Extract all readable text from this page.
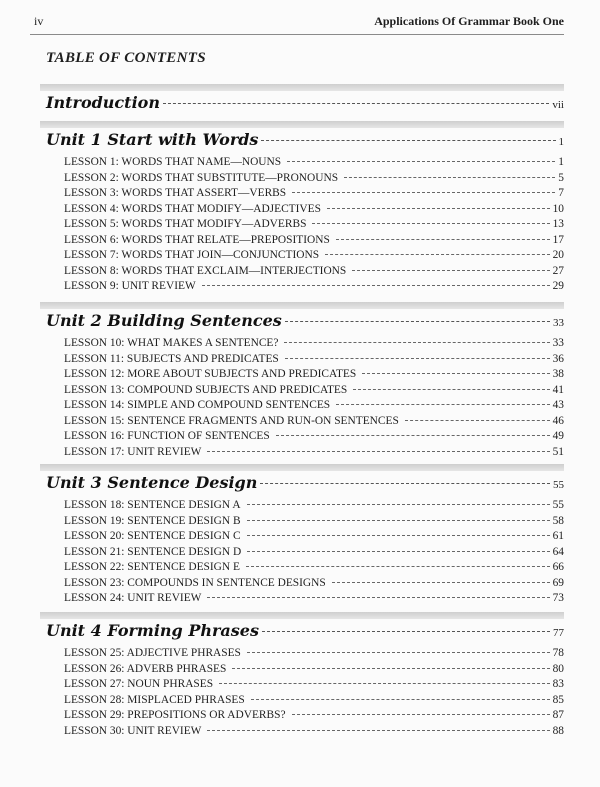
iv	Applications Of Grammar Book One
TABLE OF CONTENTS
Introduction	vii
Unit 1 Start with Words	1
LESSON 1: WORDS THAT NAME—NOUNS	1
LESSON 2: WORDS THAT SUBSTITUTE—PRONOUNS	5
LESSON 3: WORDS THAT ASSERT—VERBS	7
LESSON 4: WORDS THAT MODIFY—ADJECTIVES	10
LESSON 5: WORDS THAT MODIFY—ADVERBS	13
LESSON 6: WORDS THAT RELATE—PREPOSITIONS	17
LESSON 7: WORDS THAT JOIN—CONJUNCTIONS	20
LESSON 8: WORDS THAT EXCLAIM—INTERJECTIONS	27
LESSON 9: UNIT REVIEW	29
Unit 2 Building Sentences	33
LESSON 10: WHAT MAKES A SENTENCE?	33
LESSON 11: SUBJECTS AND PREDICATES	36
LESSON 12: MORE ABOUT SUBJECTS AND PREDICATES	38
LESSON 13: COMPOUND SUBJECTS AND PREDICATES	41
LESSON 14: SIMPLE AND COMPOUND SENTENCES	43
LESSON 15: SENTENCE FRAGMENTS AND RUN-ON SENTENCES	46
LESSON 16: FUNCTION OF SENTENCES	49
LESSON 17: UNIT REVIEW	51
Unit 3 Sentence Design	55
LESSON 18: SENTENCE DESIGN A	55
LESSON 19: SENTENCE DESIGN B	58
LESSON 20: SENTENCE DESIGN C	61
LESSON 21: SENTENCE DESIGN D	64
LESSON 22: SENTENCE DESIGN E	66
LESSON 23: COMPOUNDS IN SENTENCE DESIGNS	69
LESSON 24: UNIT REVIEW	73
Unit 4 Forming Phrases	77
LESSON 25: ADJECTIVE PHRASES	78
LESSON 26: ADVERB PHRASES	80
LESSON 27: NOUN PHRASES	83
LESSON 28: MISPLACED PHRASES	85
LESSON 29: PREPOSITIONS OR ADVERBS?	87
LESSON 30: UNIT REVIEW	88
